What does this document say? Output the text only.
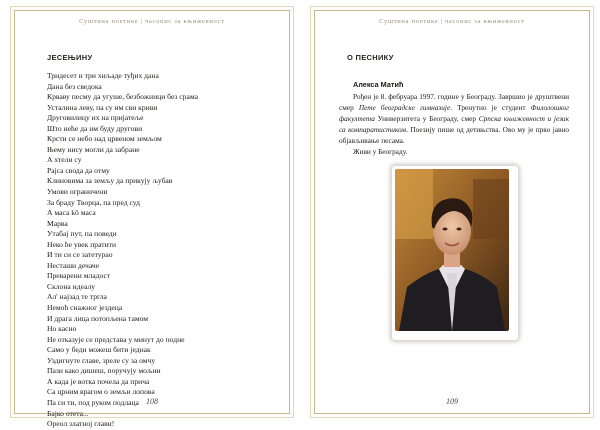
Суштина поетике | часопис за књижевност
ЈЕСЕЊИНУ
Тридесет и три хиљаде туђих дана
Дана без сведока
Крваву песму да угуше, безбожници без срама
Усталина леву, па су им сви криви
Друговилицу их на пријатеље
Што неће да им буду другови
Крсти се небо над црвеном земљом
Њему нису могли да забране
А хтели су
Рајса свода да отму
Клиновима за земљу да прикују љубав
Умови ограничени
За браду Творца, па пред суд
А маса kô маса
Марва
Утабај пут, па поведи
Неко ће увек пратити
И ти си се затетурао
Несташи дечаче
Преварени младост
Склона идеалу
Ал' најзад те тргла
Немоћ снажног јездеца
И драга лица потопљена тамом
Но касно
Не отказује се представа у минут до подне
Само у беди можеш бити једнак
Уздигнуте главе, зреле су за омчу
Пази како дишеш, поручују мољни
А када је вотка почела да прича
Са црним врагом о земљи лопова
Па си ти, под руком подлаца
Бајко отета...
Ореол златној глави!
108
Суштина поетике | часопис за књижевност
О ПЕСНИКУ
Алекса Матић

Рођен је 8. фебруара 1997. године у Београду. Завршио је друштвени смер Пете београдске гимназије. Тренутно је студент Филолошког факултета Универзитета у Београду, смер Српска књижевност и језик са компаратистиком. Поезију пише од детињства. Ово му је прво јавно објављивање песама.

Живи у Београду.

109
